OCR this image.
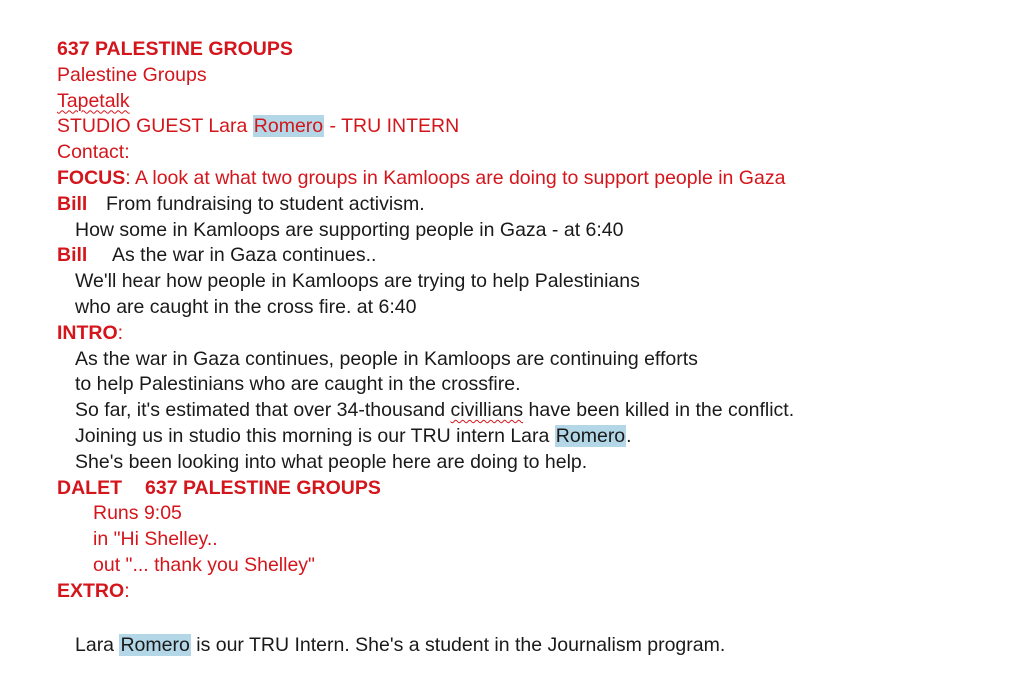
637 PALESTINE GROUPS
Palestine Groups
Tapetalk
STUDIO GUEST Lara Romero - TRU INTERN
Contact:
FOCUS: A look at what two groups in Kamloops are doing to support people in Gaza
Bill From fundraising to student activism.
How some in Kamloops are supporting people in Gaza - at 6:40
Bill As the war in Gaza continues..
We'll hear how people in Kamloops are trying to help Palestinians
who are caught in the cross fire. at 6:40
INTRO:
As the war in Gaza continues, people in Kamloops are continuing efforts
to help Palestinians who are caught in the crossfire.
So far, it's estimated that over 34-thousand civillians have been killed in the conflict.
Joining us in studio this morning is our TRU intern Lara Romero.
She's been looking into what people here are doing to help.
DALET 637 PALESTINE GROUPS
Runs 9:05
in "Hi Shelley..
out "... thank you Shelley"
EXTRO:
Lara Romero is our TRU Intern. She's a student in the Journalism program.
